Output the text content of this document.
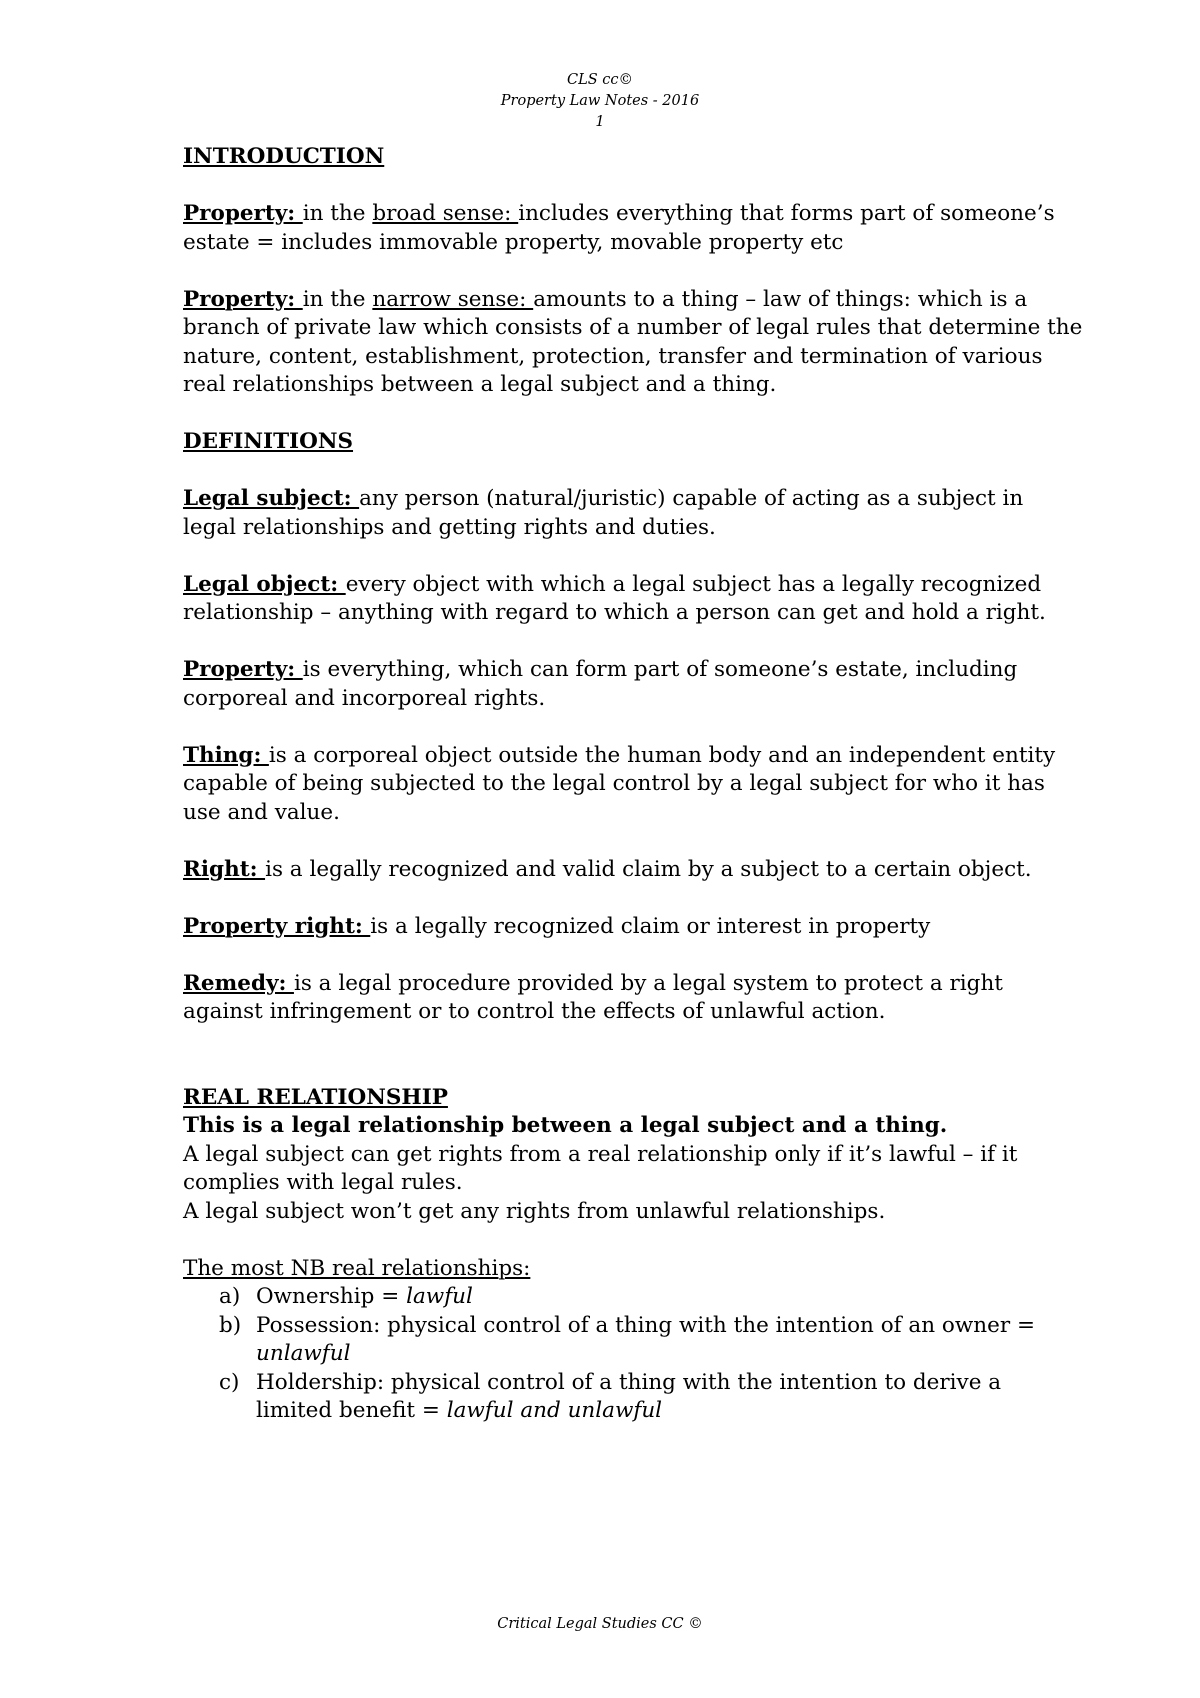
CLS cc©
Property Law Notes - 2016
1

INTRODUCTION

Property: in the broad sense: includes everything that forms part of someone’s estate = includes immovable property, movable property etc

Property: in the narrow sense: amounts to a thing – law of things: which is a branch of private law which consists of a number of legal rules that determine the nature, content, establishment, protection, transfer and termination of various real relationships between a legal subject and a thing.

DEFINITIONS

Legal subject: any person (natural/juristic) capable of acting as a subject in legal relationships and getting rights and duties.

Legal object: every object with which a legal subject has a legally recognized relationship – anything with regard to which a person can get and hold a right.

Property: is everything, which can form part of someone’s estate, including corporeal and incorporeal rights.

Thing: is a corporeal object outside the human body and an independent entity capable of being subjected to the legal control by a legal subject for who it has use and value.

Right: is a legally recognized and valid claim by a subject to a certain object.

Property right: is a legally recognized claim or interest in property

Remedy: is a legal procedure provided by a legal system to protect a right against infringement or to control the effects of unlawful action.

REAL RELATIONSHIP

This is a legal relationship between a legal subject and a thing.

A legal subject can get rights from a real relationship only if it’s lawful – if it complies with legal rules.

A legal subject won’t get any rights from unlawful relationships.

The most NB real relationships:

a) Ownership = lawful
b) Possession: physical control of a thing with the intention of an owner = unlawful
c) Holdership: physical control of a thing with the intention to derive a limited benefit = lawful and unlawful
Critical Legal Studies CC ©
